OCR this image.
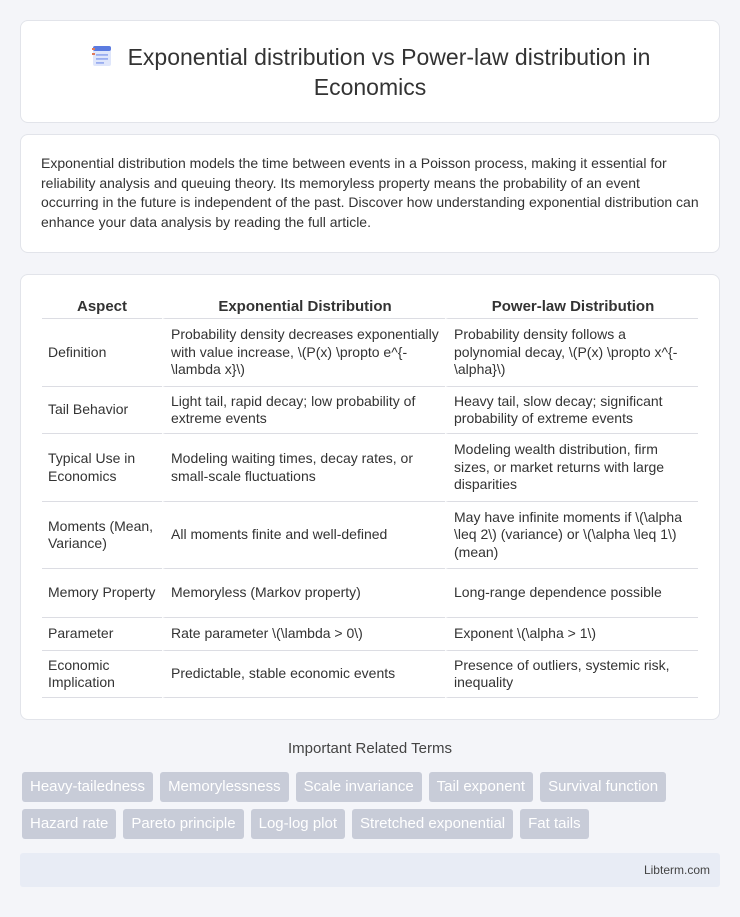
Exponential distribution vs Power-law distribution in Economics

Exponential distribution models the time between events in a Poisson process, making it essential for reliability analysis and queuing theory. Its memoryless property means the probability of an event occurring in the future is independent of the past. Discover how understanding exponential distribution can enhance your data analysis by reading the full article.

Aspect	Exponential Distribution	Power-law Distribution
Definition	Probability density decreases exponentially with value increase, \(P(x) \propto e^{-\lambda x}\)	Probability density follows a polynomial decay, \(P(x) \propto x^{-\alpha}\)
Tail Behavior	Light tail, rapid decay; low probability of extreme events	Heavy tail, slow decay; significant probability of extreme events
Typical Use in Economics	Modeling waiting times, decay rates, or small-scale fluctuations	Modeling wealth distribution, firm sizes, or market returns with large disparities
Moments (Mean, Variance)	All moments finite and well-defined	May have infinite moments if \(\alpha \leq 2\) (variance) or \(\alpha \leq 1\) (mean)
Memory Property	Memoryless (Markov property)	Long-range dependence possible
Parameter	Rate parameter \(\lambda > 0\)	Exponent \(\alpha > 1\)
Economic Implication	Predictable, stable economic events	Presence of outliers, systemic risk, inequality
Important Related Terms
Heavy-tailedness	Memorylessness	Scale invariance	Tail exponent	Survival function
Hazard rate	Pareto principle	Log-log plot	Stretched exponential	Fat tails
Libterm.com
